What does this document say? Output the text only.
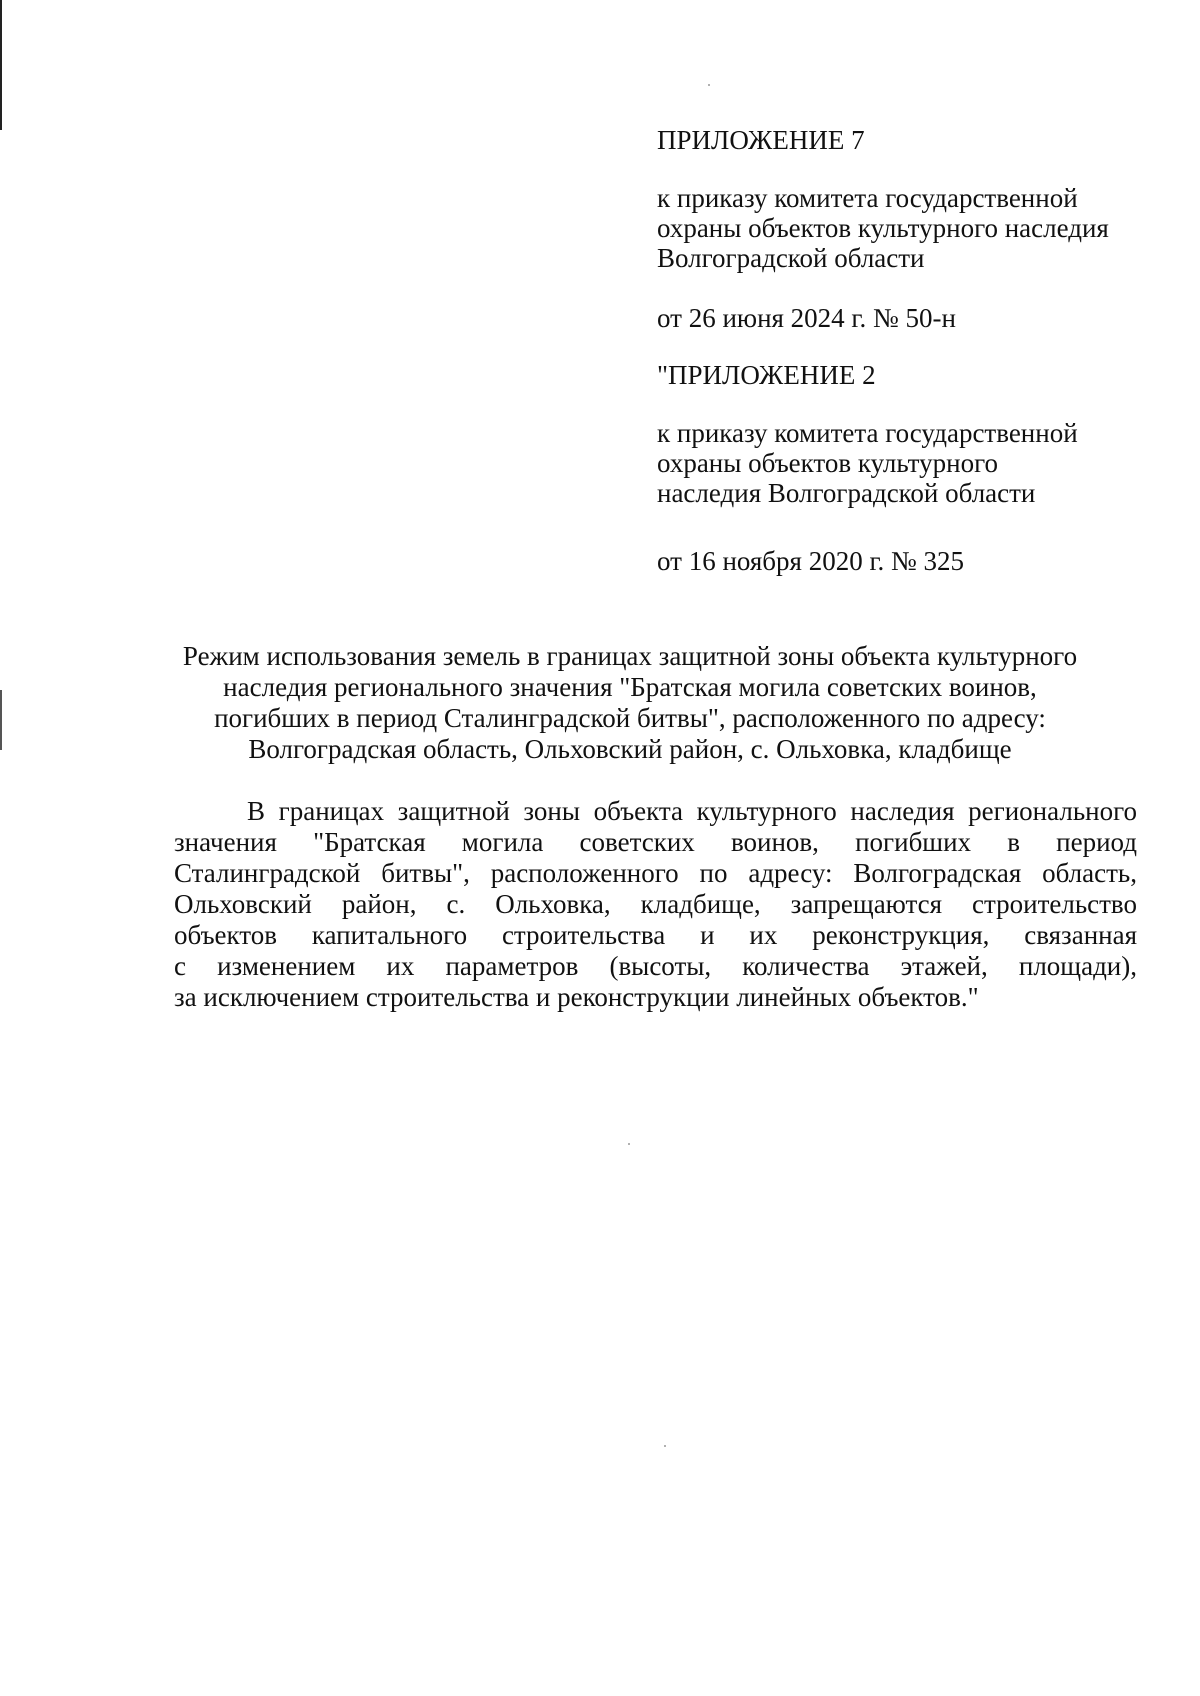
ПРИЛОЖЕНИЕ 7

к приказу комитета государственной

охраны объектов культурного наследия

Волгоградской области

от 26 июня 2024 г. № 50-н

"ПРИЛОЖЕНИЕ 2

к приказу комитета государственной

охраны объектов культурного

наследия Волгоградской области

от 16 ноября 2020 г. № 325

Режим использования земель в границах защитной зоны объекта культурного
наследия регионального значения "Братская могила советских воинов,
погибших в период Сталинградской битвы", расположенного по адресу:
Волгоградская область, Ольховский район, с. Ольховка, кладбище
В границах защитной зоны объекта культурного наследия регионального
значения "Братская могила советских воинов, погибших в период
Сталинградской битвы", расположенного по адресу: Волгоградская область,
Ольховский район, с. Ольховка, кладбище, запрещаются строительство
объектов капитального строительства и их реконструкция, связанная
с изменением их параметров (высоты, количества этажей, площади),
за исключением строительства и реконструкции линейных объектов."
